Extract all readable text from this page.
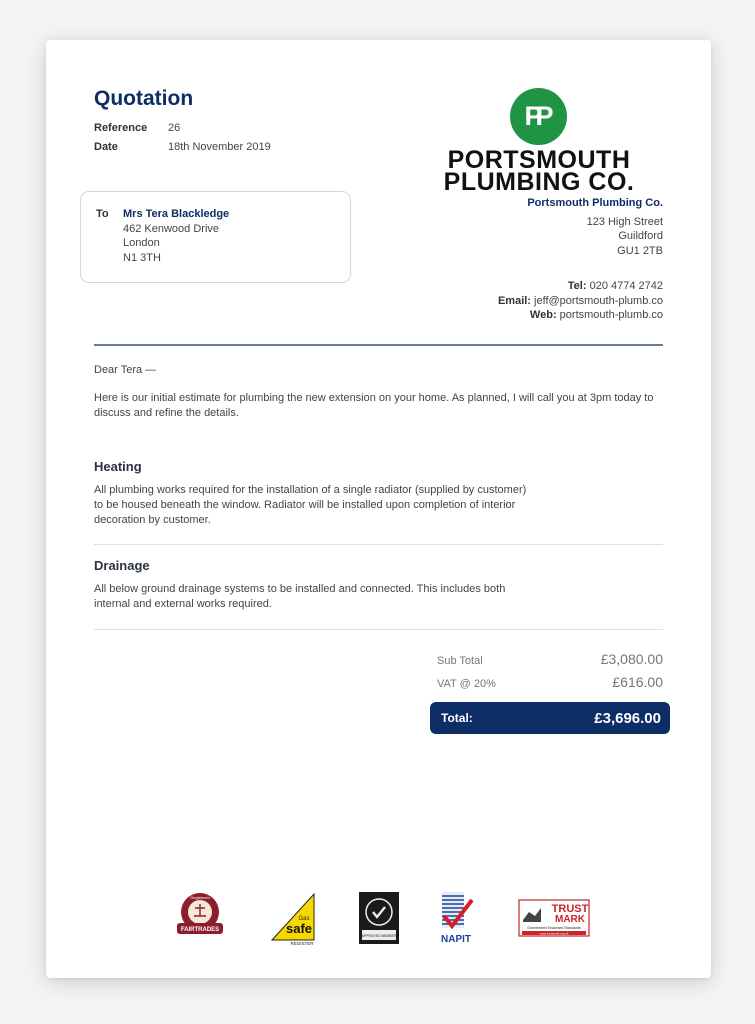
Quotation
Reference	26
Date	18th November 2019
PP
PORTSMOUTH
PLUMBING CO.
To Mrs Tera Blackledge
462 Kenwood Drive
London
N1 3TH
Portsmouth Plumbing Co.
123 High Street
Guildford
GU1 2TB
Tel: 020 4774 2742
Email: jeff@portsmouth-plumb.co
Web: portsmouth-plumb.co
Dear Tera —
Here is our initial estimate for plumbing the new extension on your home. As planned, I will call you at 3pm today to discuss and refine the details.
Heating
All plumbing works required for the installation of a single radiator (supplied by customer) to be housed beneath the window. Radiator will be installed upon completion of interior decoration by customer.
Drainage
All below ground drainage systems to be installed and connected. This includes both internal and external works required.
Sub Total	£3,080.00
VAT @ 20%	£616.00
Total:	£3,696.00
Registered
FAIRTRADES
Gas
safe
REGISTER
APPROVED MEMBER	NAPIT
TRUST
MARK
Government Endorsed Standards
www.trustmark.org.uk
